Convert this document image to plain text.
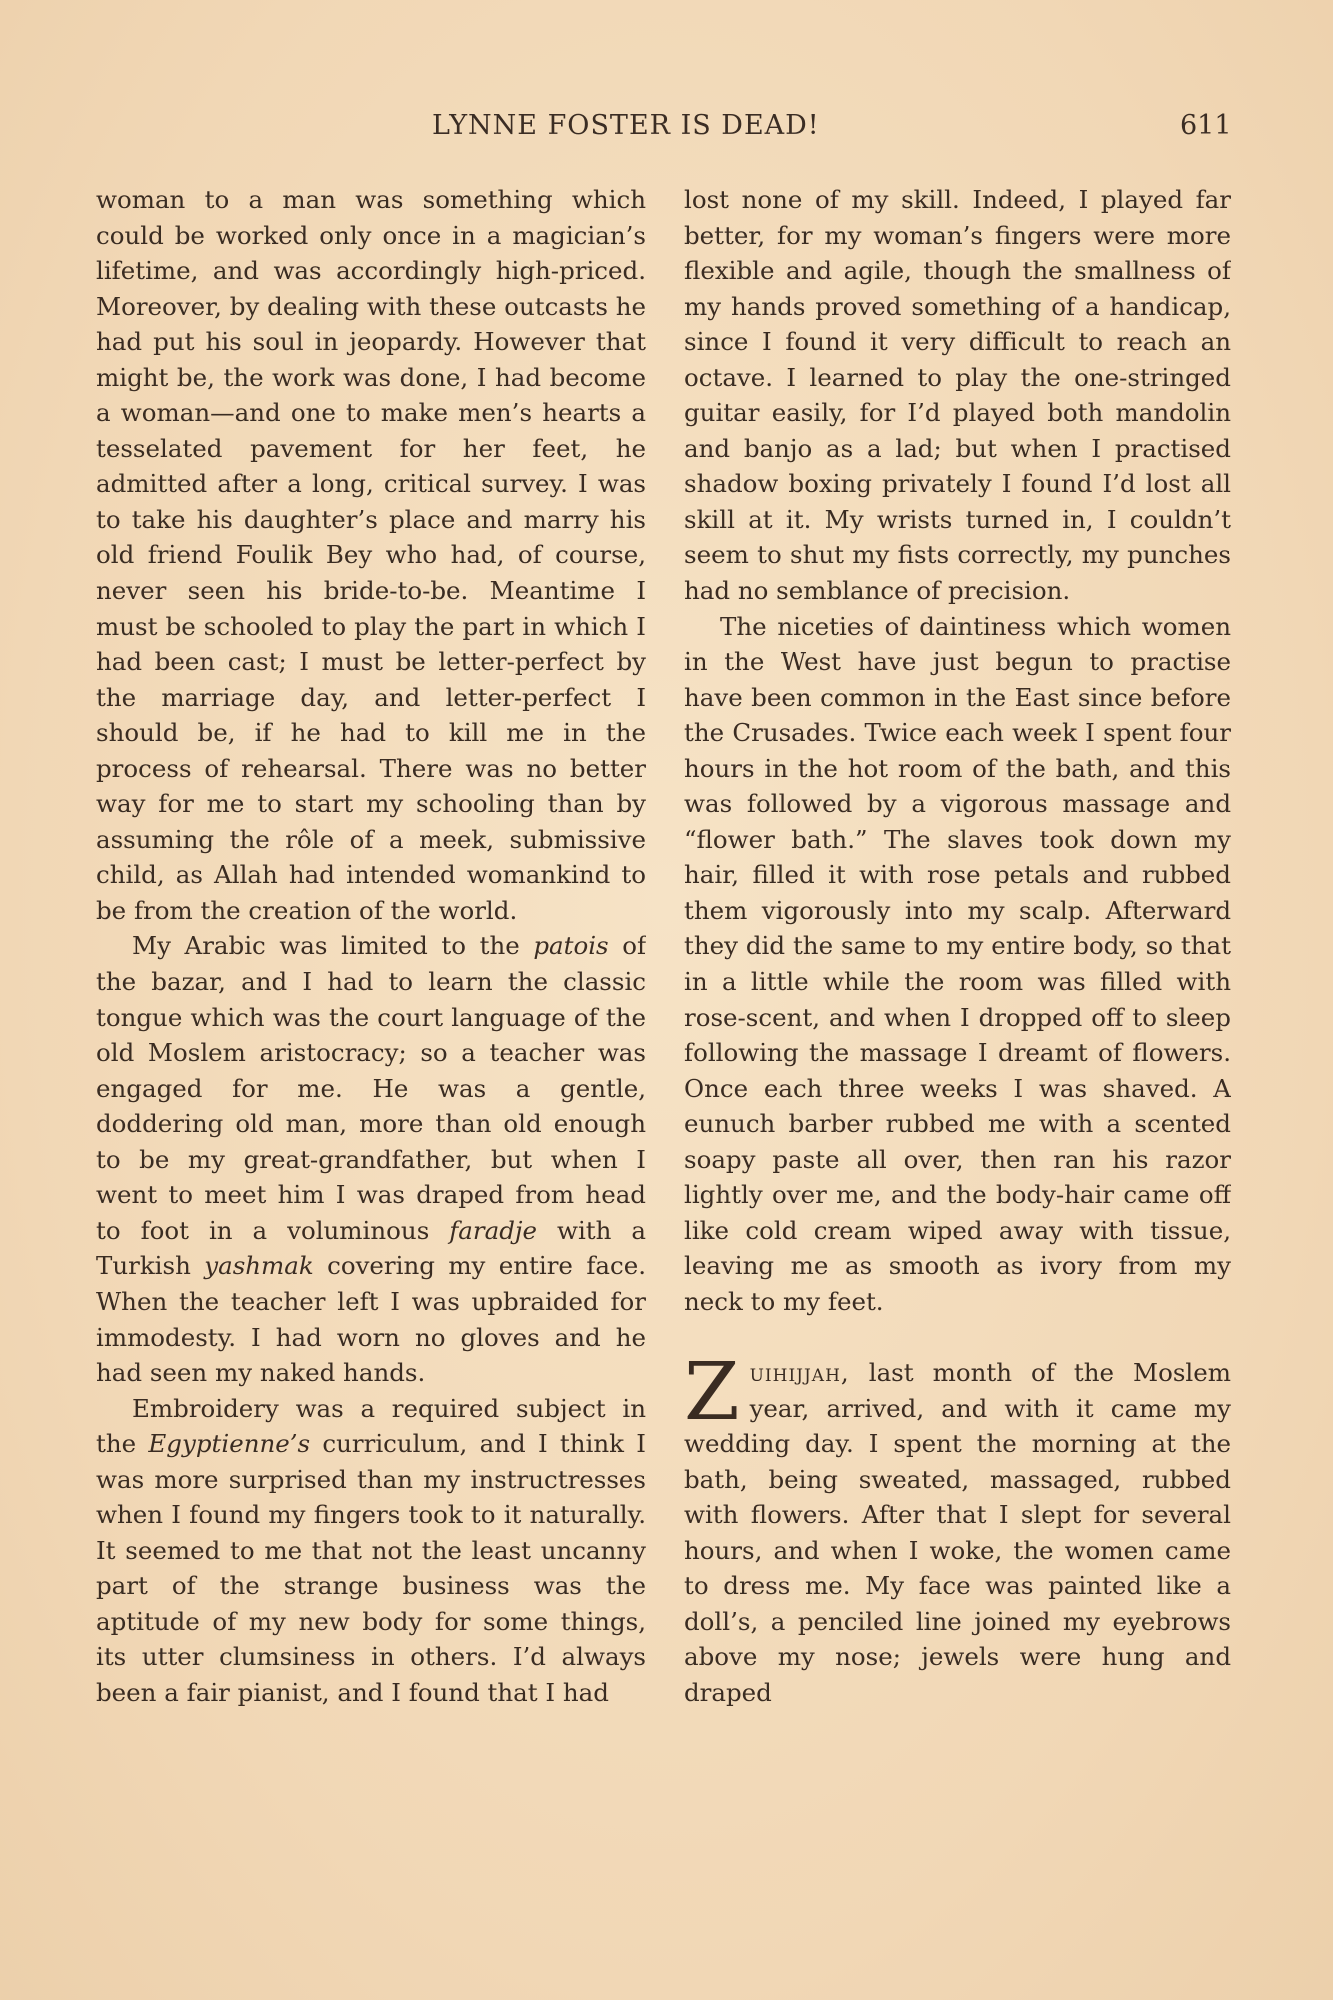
LYNNE FOSTER IS DEAD!	611

woman to a man was something which could be worked only once in a magician’s lifetime, and was accordingly high-priced. Moreover, by dealing with these outcasts he had put his soul in jeopardy. However that might be, the work was done, I had become a woman—and one to make men’s hearts a tesselated pavement for her feet, he admitted after a long, critical survey. I was to take his daughter’s place and marry his old friend Foulik Bey who had, of course, never seen his bride-to-be. Meantime I must be schooled to play the part in which I had been cast; I must be letter-perfect by the marriage day, and letter-perfect I should be, if he had to kill me in the process of rehearsal. There was no better way for me to start my schooling than by assuming the rôle of a meek, submissive child, as Allah had intended womankind to be from the creation of the world.

My Arabic was limited to the patois of the bazar, and I had to learn the classic tongue which was the court language of the old Moslem aristocracy; so a teacher was engaged for me. He was a gentle, doddering old man, more than old enough to be my great-grandfather, but when I went to meet him I was draped from head to foot in a voluminous faradje with a Turkish yashmak covering my entire face. When the teacher left I was upbraided for immodesty. I had worn no gloves and he had seen my naked hands.

Embroidery was a required subject in the Egyptienne’s curriculum, and I think I was more surprised than my instructresses when I found my fingers took to it naturally. It seemed to me that not the least uncanny part of the strange business was the aptitude of my new body for some things, its utter clumsiness in others. I’d always been a fair pianist, and I found that I had

lost none of my skill. Indeed, I played far better, for my woman’s fingers were more flexible and agile, though the smallness of my hands proved something of a handicap, since I found it very difficult to reach an octave. I learned to play the one-stringed guitar easily, for I’d played both mandolin and banjo as a lad; but when I practised shadow boxing privately I found I’d lost all skill at it. My wrists turned in, I couldn’t seem to shut my fists correctly, my punches had no semblance of precision.

The niceties of daintiness which women in the West have just begun to practise have been common in the East since before the Crusades. Twice each week I spent four hours in the hot room of the bath, and this was followed by a vigorous massage and “flower bath.” The slaves took down my hair, filled it with rose petals and rubbed them vigorously into my scalp. Afterward they did the same to my entire body, so that in a little while the room was filled with rose-scent, and when I dropped off to sleep following the massage I dreamt of flowers. Once each three weeks I was shaved. A eunuch barber rubbed me with a scented soapy paste all over, then ran his razor lightly over me, and the body-hair came off like cold cream wiped away with tissue, leaving me as smooth as ivory from my neck to my feet.

Zuihijjah, last month of the Moslem year, arrived, and with it came my wedding day. I spent the morning at the bath, being sweated, massaged, rubbed with flowers. After that I slept for several hours, and when I woke, the women came to dress me. My face was painted like a doll’s, a penciled line joined my eyebrows above my nose; jewels were hung and draped
